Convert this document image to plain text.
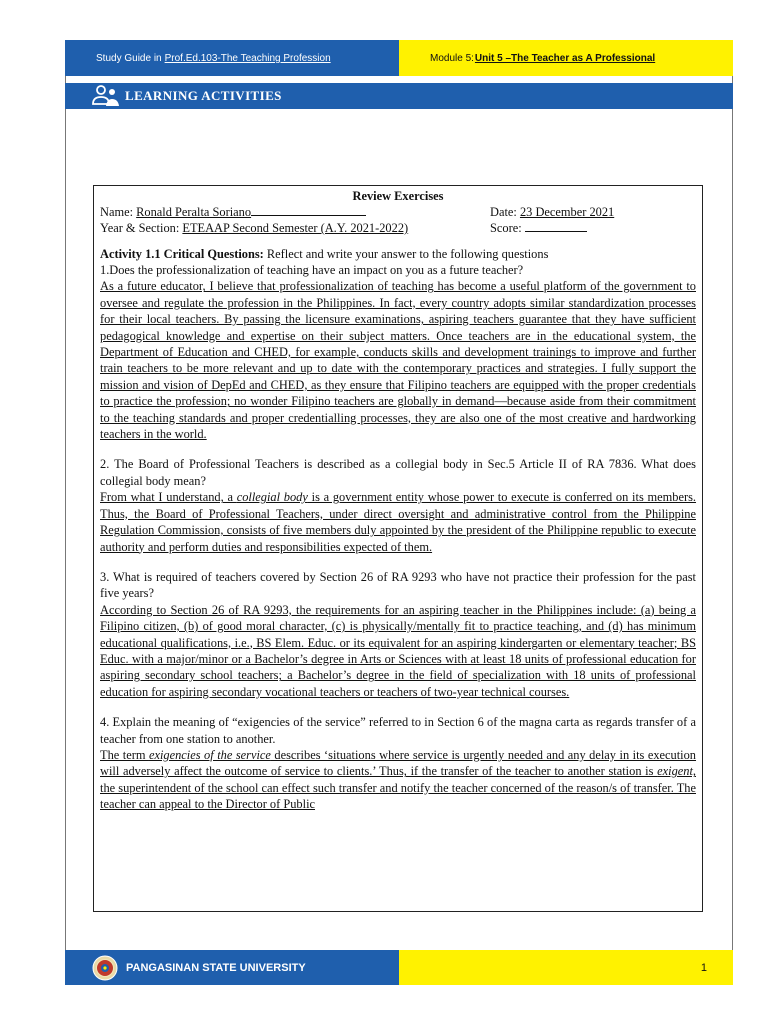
Study Guide in Prof.Ed.103-The Teaching Profession	Module 5: Unit 5 –The Teacher as A Professional
LEARNING ACTIVITIES
Review Exercises
Name: Ronald Peralta Soriano	Date: 23 December 2021
Year & Section: ETEAAP Second Semester (A.Y. 2021-2022)	Score:
Activity 1.1 Critical Questions: Reflect and write your answer to the following questions

1.Does the professionalization of teaching have an impact on you as a future teacher?

As a future educator, I believe that professionalization of teaching has become a useful platform of the government to oversee and regulate the profession in the Philippines. In fact, every country adopts similar standardization processes for their local teachers. By passing the licensure examinations, aspiring teachers guarantee that they have sufficient pedagogical knowledge and expertise on their subject matters. Once teachers are in the educational system, the Department of Education and CHED, for example, conducts skills and development trainings to improve and further train teachers to be more relevant and up to date with the contemporary practices and strategies. I fully support the mission and vision of DepEd and CHED, as they ensure that Filipino teachers are equipped with the proper credentials to practice the profession; no wonder Filipino teachers are globally in demand—because aside from their commitment to the teaching standards and proper credentialling processes, they are also one of the most creative and hardworking teachers in the world.

2. The Board of Professional Teachers is described as a collegial body in Sec.5 Article II of RA 7836. What does collegial body mean?

From what I understand, a collegial body is a government entity whose power to execute is conferred on its members. Thus, the Board of Professional Teachers, under direct oversight and administrative control from the Philippine Regulation Commission, consists of five members duly appointed by the president of the Philippine republic to execute authority and perform duties and responsibilities expected of them.

3. What is required of teachers covered by Section 26 of RA 9293 who have not practice their profession for the past five years?

According to Section 26 of RA 9293, the requirements for an aspiring teacher in the Philippines include: (a) being a Filipino citizen, (b) of good moral character, (c) is physically/mentally fit to practice teaching, and (d) has minimum educational qualifications, i.e., BS Elem. Educ. or its equivalent for an aspiring kindergarten or elementary teacher; BS Educ. with a major/minor or a Bachelor’s degree in Arts or Sciences with at least 18 units of professional education for aspiring secondary school teachers; a Bachelor’s degree in the field of specialization with 18 units of professional education for aspiring secondary vocational teachers or teachers of two-year technical courses.

4. Explain the meaning of “exigencies of the service” referred to in Section 6 of the magna carta as regards transfer of a teacher from one station to another.

The term exigencies of the service describes ‘situations where service is urgently needed and any delay in its execution will adversely affect the outcome of service to clients.’ Thus, if the transfer of the teacher to another station is exigent, the superintendent of the school can effect such transfer and notify the teacher concerned of the reason/s of transfer. The teacher can appeal to the Director of Public

PANGASINAN STATE UNIVERSITY	1
